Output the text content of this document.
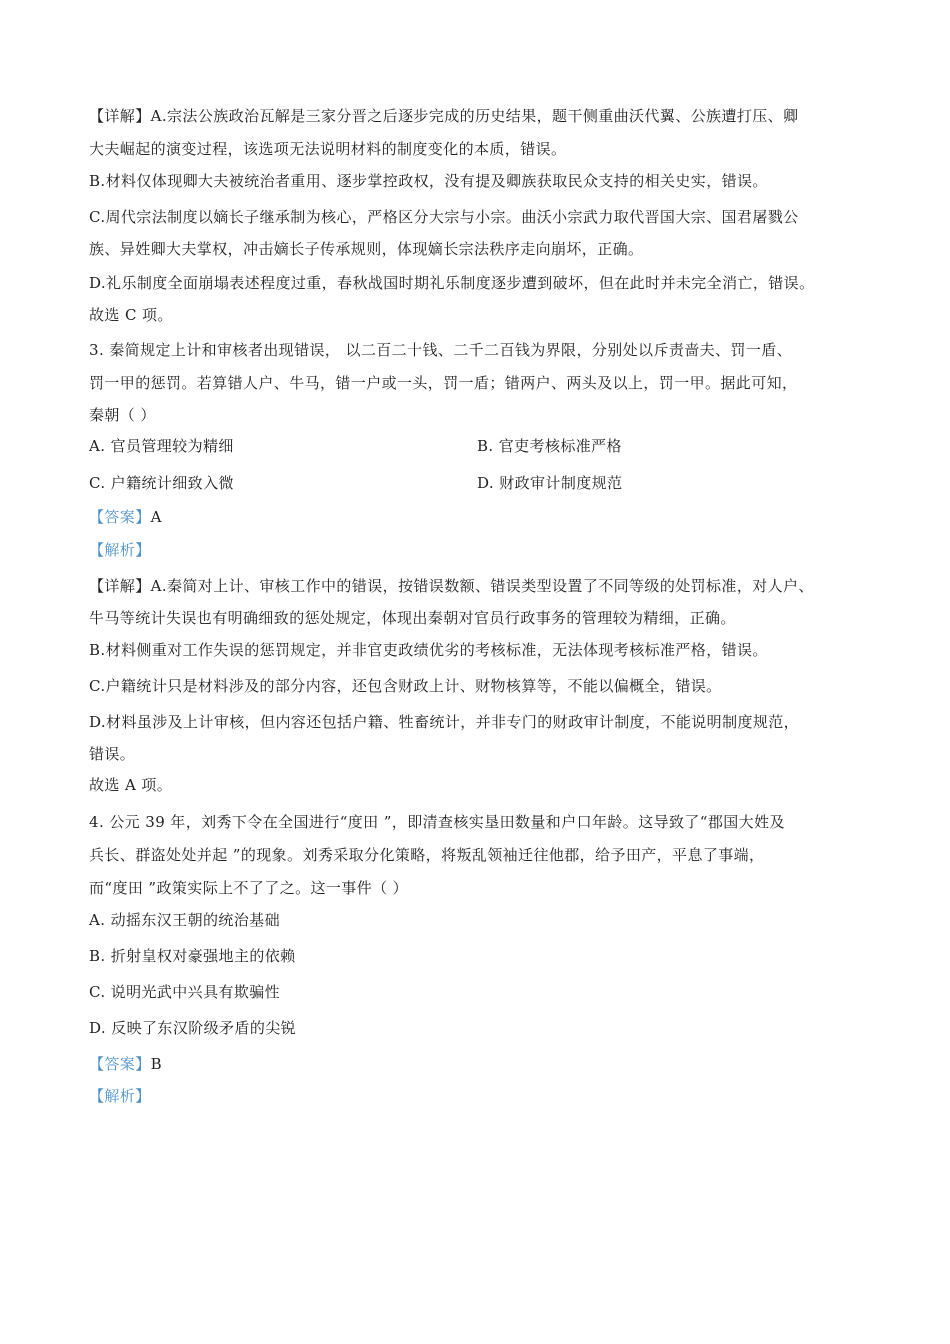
【详解】A.宗法公族政治瓦解是三家分晋之后逐步完成的历史结果，题干侧重曲沃代翼、公族遭打压、卿
大夫崛起的演变过程，该选项无法说明材料的制度变化的本质，错误。
B.材料仅体现卿大夫被统治者重用、逐步掌控政权，没有提及卿族获取民众支持的相关史实，错误。
C.周代宗法制度以嫡长子继承制为核心，严格区分大宗与小宗。曲沃小宗武力取代晋国大宗、国君屠戮公
族、异姓卿大夫掌权，冲击嫡长子传承规则，体现嫡长宗法秩序走向崩坏，正确。
D.礼乐制度全面崩塌表述程度过重，春秋战国时期礼乐制度逐步遭到破坏，但在此时并未完全消亡，错误。
故选 C 项。
3. 秦简规定上计和审核者出现错误， 以二百二十钱、二千二百钱为界限，分别处以斥责啬夫、罚一盾、
罚一甲的惩罚。若算错人户、牛马，错一户或一头，罚一盾；错两户、两头及以上，罚一甲。据此可知，
秦朝（ ）
A. 官员管理较为精细	B. 官吏考核标准严格
C. 户籍统计细致入微	D. 财政审计制度规范
【答案】A
【解析】
【详解】A.秦简对上计、审核工作中的错误，按错误数额、错误类型设置了不同等级的处罚标准，对人户、
牛马等统计失误也有明确细致的惩处规定，体现出秦朝对官员行政事务的管理较为精细，正确。
B.材料侧重对工作失误的惩罚规定，并非官吏政绩优劣的考核标准，无法体现考核标准严格，错误。
C.户籍统计只是材料涉及的部分内容，还包含财政上计、财物核算等，不能以偏概全，错误。
D.材料虽涉及上计审核，但内容还包括户籍、牲畜统计，并非专门的财政审计制度，不能说明制度规范，
错误。
故选 A 项。
4. 公元 39 年，刘秀下令在全国进行“度田 ”，即清查核实垦田数量和户口年龄。这导致了“郡国大姓及
兵长、群盗处处并起 ”的现象。刘秀采取分化策略，将叛乱领袖迁往他郡，给予田产，平息了事端，
而“度田 ”政策实际上不了了之。这一事件（ ）
A. 动摇东汉王朝的统治基础
B. 折射皇权对豪强地主的依赖
C. 说明光武中兴具有欺骗性
D. 反映了东汉阶级矛盾的尖锐
【答案】B
【解析】
